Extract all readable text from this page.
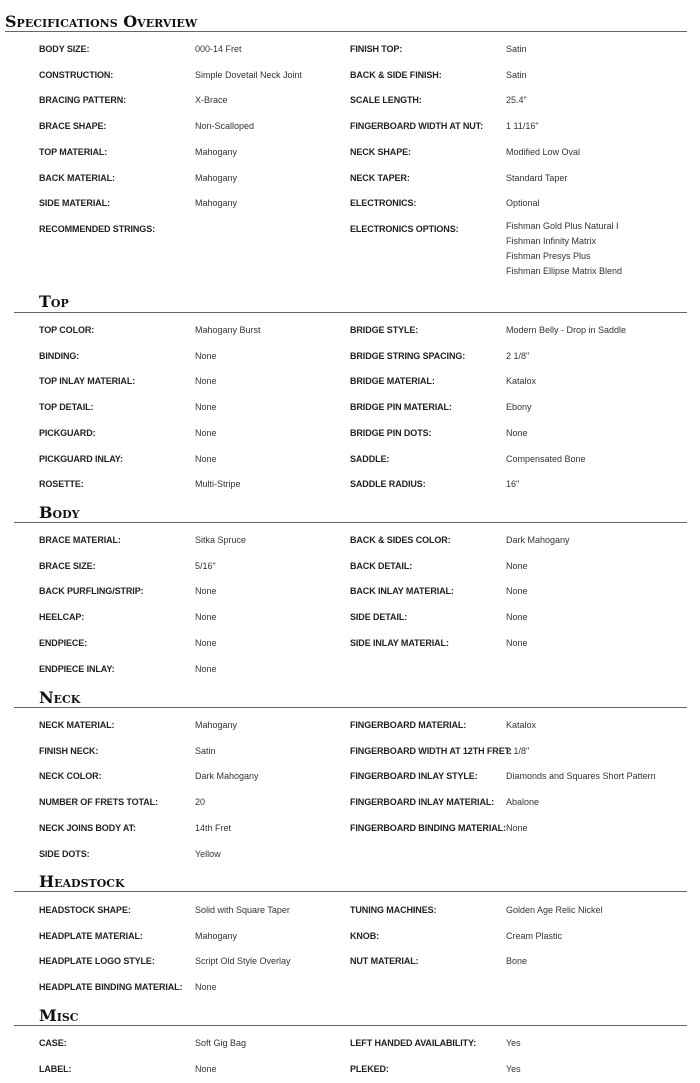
Specifications Overview
BODY SIZE:	000-14 Fret	FINISH TOP:	Satin
CONSTRUCTION:	Simple Dovetail Neck Joint	BACK & SIDE FINISH:	Satin
BRACING PATTERN:	X-Brace	SCALE LENGTH:	25.4"
BRACE SHAPE:	Non-Scalloped	FINGERBOARD WIDTH AT NUT:	1 11/16"
TOP MATERIAL:	Mahogany	NECK SHAPE:	Modified Low Oval
BACK MATERIAL:	Mahogany	NECK TAPER:	Standard Taper
SIDE MATERIAL:	Mahogany	ELECTRONICS:	Optional
RECOMMENDED STRINGS:	ELECTRONICS OPTIONS:	Fishman Gold Plus Natural I
Fishman Infinity Matrix
Fishman Presys Plus
Fishman Ellipse Matrix Blend
Top
TOP COLOR:	Mahogany Burst	BRIDGE STYLE:	Modern Belly - Drop in Saddle
BINDING:	None	BRIDGE STRING SPACING:	2 1/8"
TOP INLAY MATERIAL:	None	BRIDGE MATERIAL:	Katalox
TOP DETAIL:	None	BRIDGE PIN MATERIAL:	Ebony
PICKGUARD:	None	BRIDGE PIN DOTS:	None
PICKGUARD INLAY:	None	SADDLE:	Compensated Bone
ROSETTE:	Multi-Stripe	SADDLE RADIUS:	16"
Body
BRACE MATERIAL:	Sitka Spruce	BACK & SIDES COLOR:	Dark Mahogany
BRACE SIZE:	5/16"	BACK DETAIL:	None
BACK PURFLING/STRIP:	None	BACK INLAY MATERIAL:	None
HEELCAP:	None	SIDE DETAIL:	None
ENDPIECE:	None	SIDE INLAY MATERIAL:	None
ENDPIECE INLAY:	None
Neck
NECK MATERIAL:	Mahogany	FINGERBOARD MATERIAL:	Katalox
FINISH NECK:	Satin	FINGERBOARD WIDTH AT 12TH FRET:
2 1/8"
NECK COLOR:	Dark Mahogany	FINGERBOARD INLAY STYLE:	Diamonds and Squares Short Pattern
NUMBER OF FRETS TOTAL:	20	FINGERBOARD INLAY MATERIAL: Abalone
NECK JOINS BODY AT:	14th Fret	FINGERBOARD BINDING MATERIAL: None
SIDE DOTS:	Yellow
Headstock
HEADSTOCK SHAPE:	Solid with Square Taper	TUNING MACHINES:	Golden Age Relic Nickel
HEADPLATE MATERIAL:	Mahogany	KNOB:	Cream Plastic
HEADPLATE LOGO STYLE:	Script Old Style Overlay	NUT MATERIAL:	Bone
HEADPLATE BINDING MATERIAL: None
Misc
CASE:	Soft Gig Bag	LEFT HANDED AVAILABILITY:	Yes
LABEL:	None	PLEKED:	Yes
